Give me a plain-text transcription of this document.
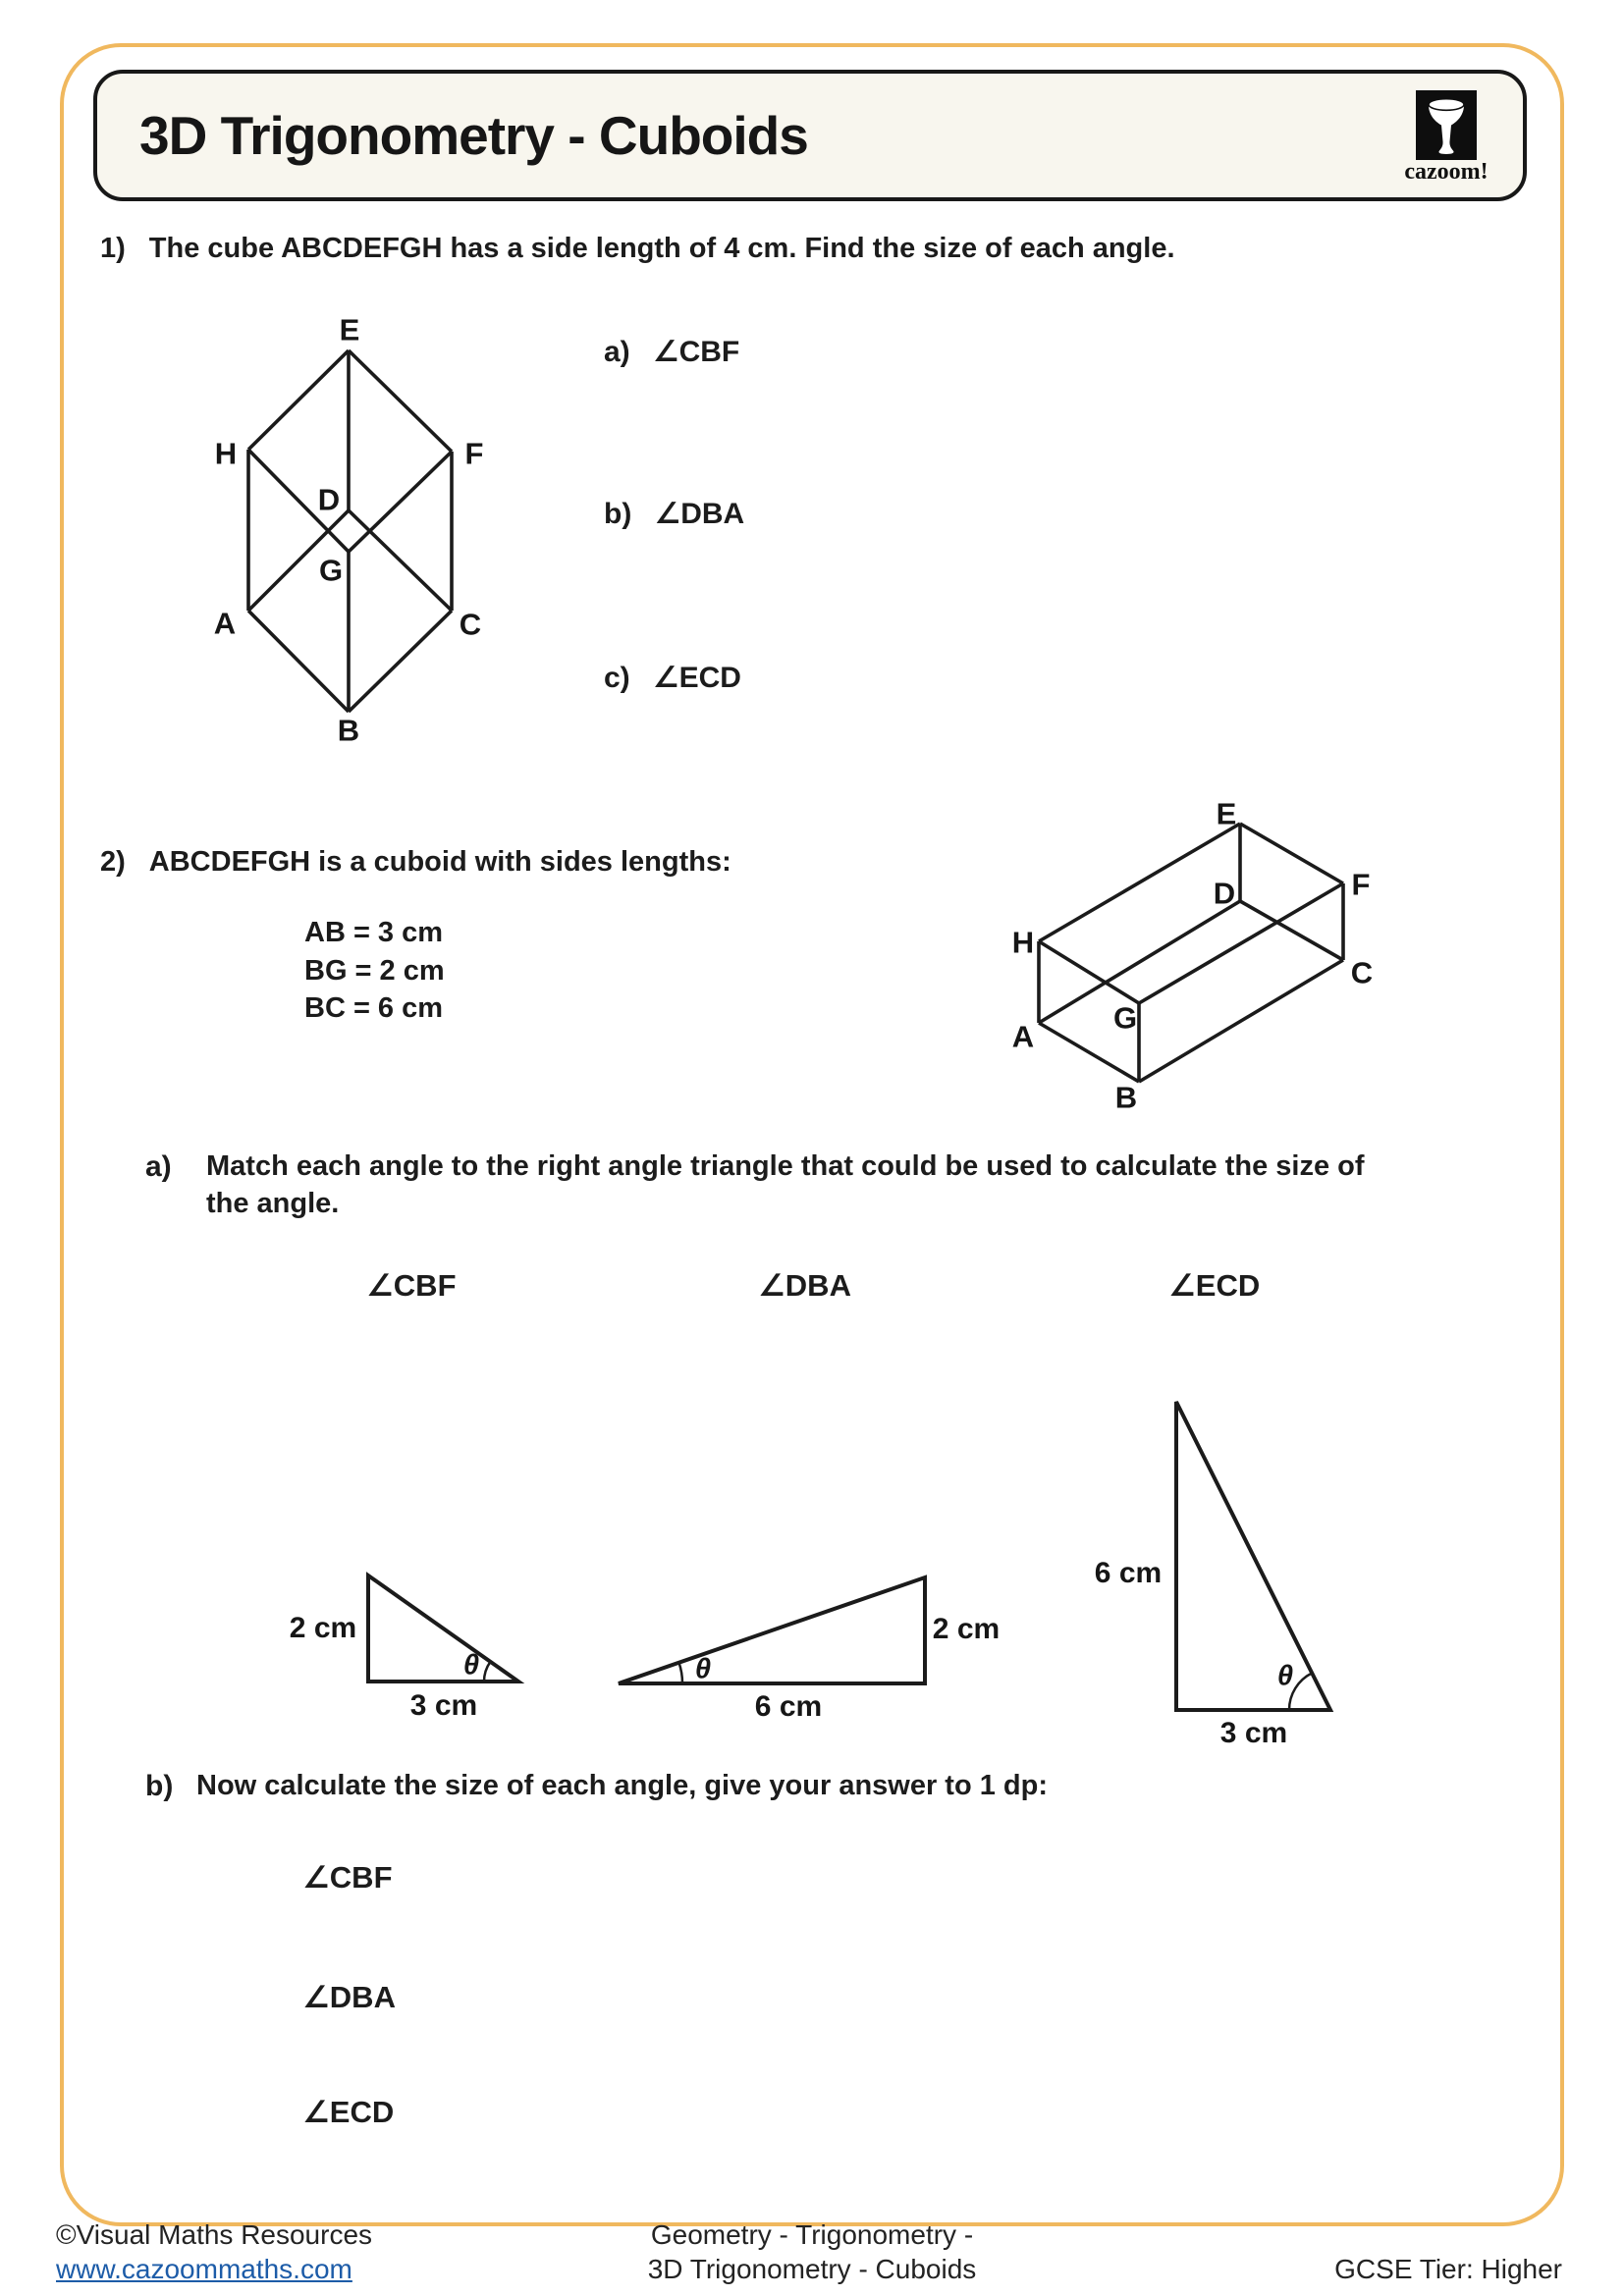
3D Trigonometry - Cuboids
cazoom!
1) The cube ABCDEFGH has a side length of 4 cm. Find the size of each angle.
a) ∠CBF
b) ∠DBA
c) ∠ECD
E
H	F
D
G
A	C
B
2) ABCDEFGH is a cuboid with sides lengths:
AB = 3 cm
BG = 2 cm
BC = 6 cm
E
F
H
D
C
A
G
B
a) Match each angle to the right angle triangle that could be used to calculate the size of
the angle.
∠CBF	∠DBA	∠ECD
2 cm
3 cm
θ
6 cm
2 cm
θ
6 cm
3 cm
θ
b) Now calculate the size of each angle, give your answer to 1 dp:
∠CBF
∠DBA
∠ECD
©Visual Maths Resources
www.cazoommaths.com
Geometry - Trigonometry -
3D Trigonometry - Cuboids	GCSE Tier: Higher
